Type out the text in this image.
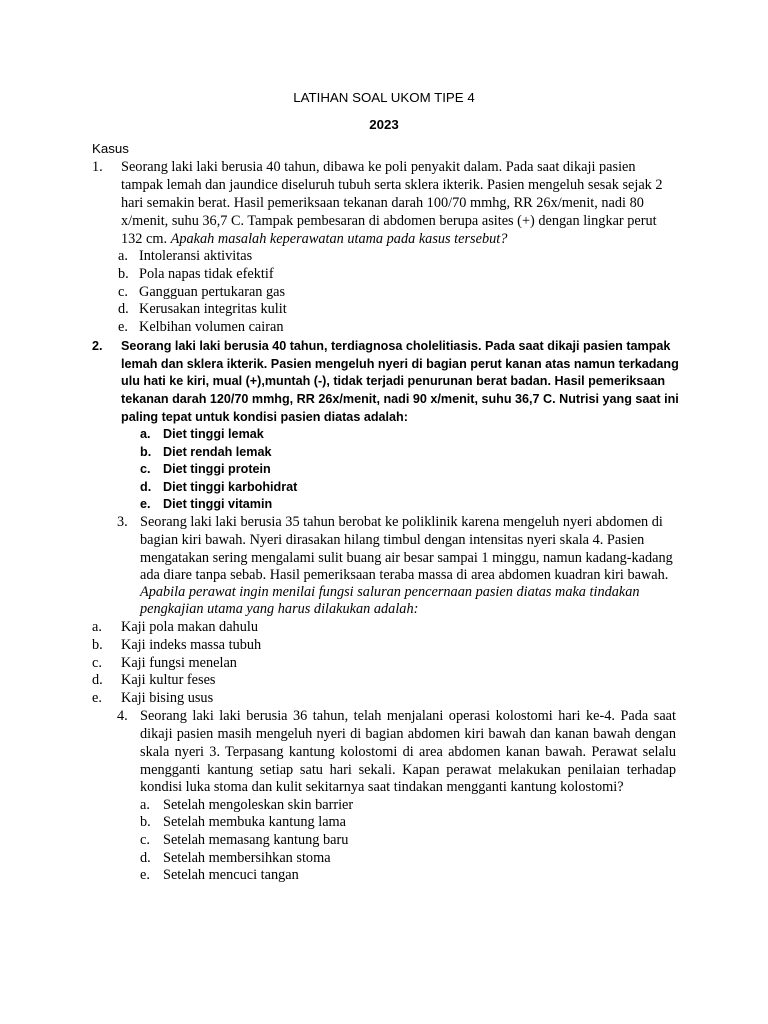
LATIHAN SOAL UKOM TIPE 4
2023
Kasus
1. Seorang laki laki berusia 40 tahun, dibawa ke poli penyakit dalam. Pada saat dikaji pasien
tampak lemah dan jaundice diseluruh tubuh serta sklera ikterik. Pasien mengeluh sesak sejak 2
hari semakin berat. Hasil pemeriksaan tekanan darah 100/70 mmhg, RR 26x/menit, nadi 80
x/menit, suhu 36,7 C. Tampak pembesaran di abdomen berupa asites (+) dengan lingkar perut
132 cm. Apakah masalah keperawatan utama pada kasus tersebut?
a. Intoleransi aktivitas
b. Pola napas tidak efektif
c. Gangguan pertukaran gas
d. Kerusakan integritas kulit
e. Kelbihan volumen cairan
2. Seorang laki laki berusia 40 tahun, terdiagnosa cholelitiasis. Pada saat dikaji pasien tampak
lemah dan sklera ikterik. Pasien mengeluh nyeri di bagian perut kanan atas namun terkadang
ulu hati ke kiri, mual (+),muntah (-), tidak terjadi penurunan berat badan. Hasil pemeriksaan
tekanan darah 120/70 mmhg, RR 26x/menit, nadi 90 x/menit, suhu 36,7 C. Nutrisi yang saat ini
paling tepat untuk kondisi pasien diatas adalah:
a. Diet tinggi lemak
b. Diet rendah lemak
c. Diet tinggi protein
d. Diet tinggi karbohidrat
e. Diet tinggi vitamin
3. Seorang laki laki berusia 35 tahun berobat ke poliklinik karena mengeluh nyeri abdomen di
bagian kiri bawah. Nyeri dirasakan hilang timbul dengan intensitas nyeri skala 4. Pasien
mengatakan sering mengalami sulit buang air besar sampai 1 minggu, namun kadang-kadang
ada diare tanpa sebab. Hasil pemeriksaan teraba massa di area abdomen kuadran kiri bawah.
Apabila perawat ingin menilai fungsi saluran pencernaan pasien diatas maka tindakan
pengkajian utama yang harus dilakukan adalah:
a. Kaji pola makan dahulu
b. Kaji indeks massa tubuh
c. Kaji fungsi menelan
d. Kaji kultur feses
e. Kaji bising usus
4. Seorang laki laki berusia 36 tahun, telah menjalani operasi kolostomi hari ke-4. Pada saat
dikaji pasien masih mengeluh nyeri di bagian abdomen kiri bawah dan kanan bawah dengan
skala nyeri 3. Terpasang kantung kolostomi di area abdomen kanan bawah. Perawat selalu
mengganti kantung setiap satu hari sekali. Kapan perawat melakukan penilaian terhadap
kondisi luka stoma dan kulit sekitarnya saat tindakan mengganti kantung kolostomi?
a. Setelah mengoleskan skin barrier
b. Setelah membuka kantung lama
c. Setelah memasang kantung baru
d. Setelah membersihkan stoma
e. Setelah mencuci tangan
